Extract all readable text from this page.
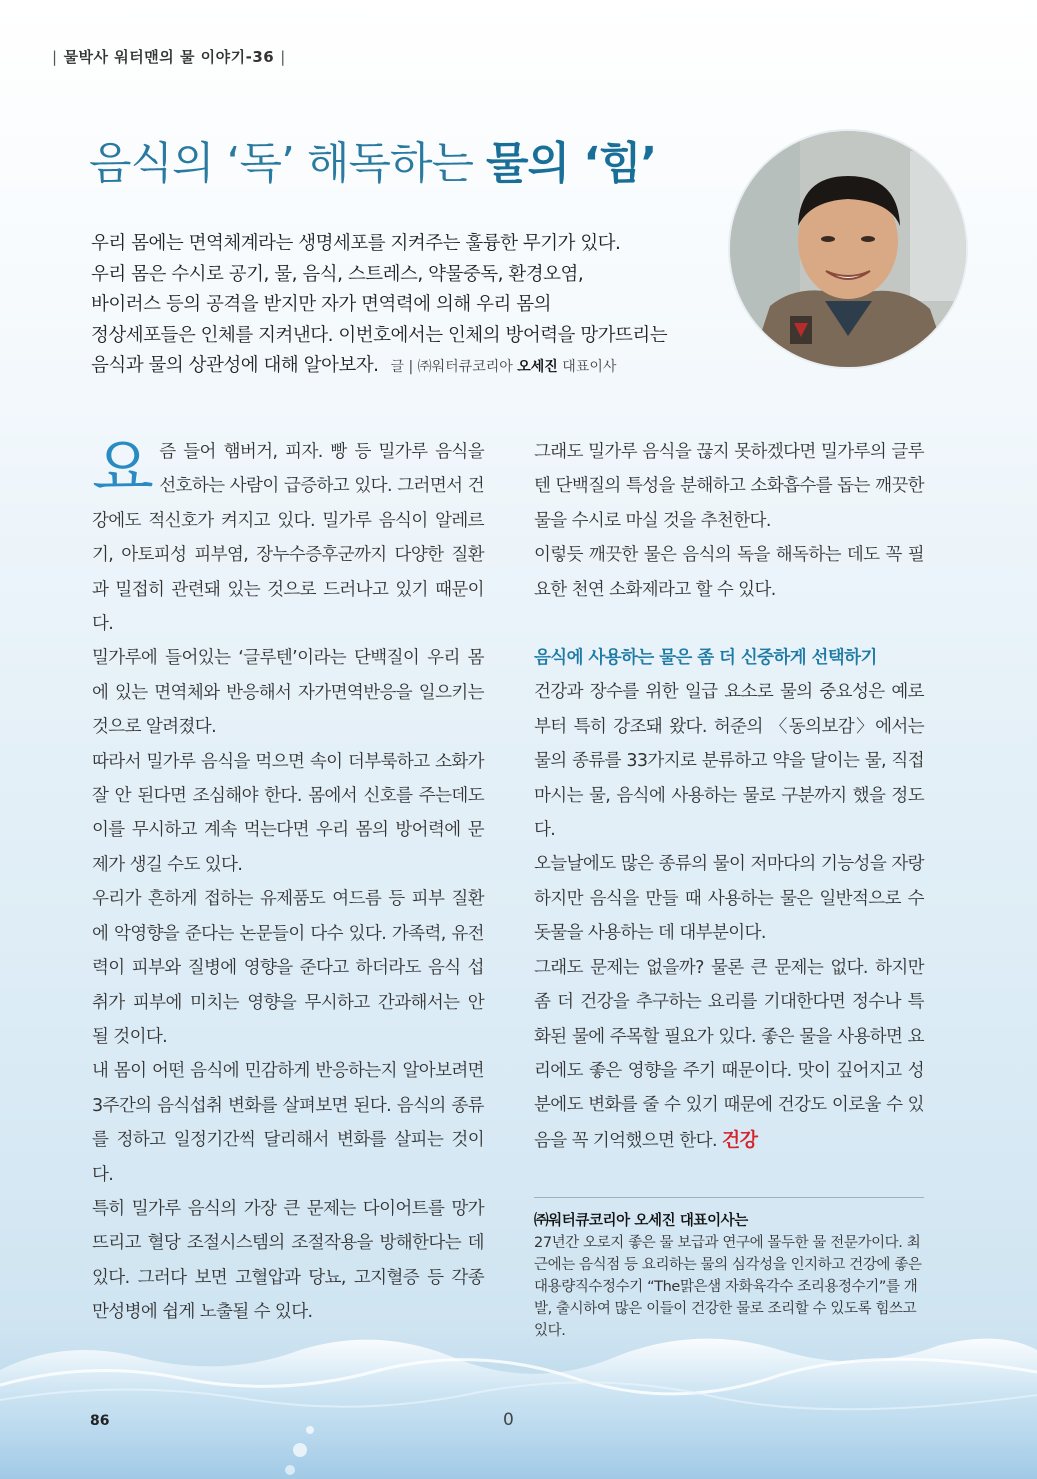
| 물박사 워터맨의 물 이야기-36 |
음식의 ‘독’ 해독하는 물의 ‘힘’

우리 몸에는 면역체계라는 생명세포를 지켜주는 훌륭한 무기가 있다.

우리 몸은 수시로 공기, 물, 음식, 스트레스, 약물중독, 환경오염,

바이러스 등의 공격을 받지만 자가 면역력에 의해 우리 몸의

정상세포들은 인체를 지켜낸다. 이번호에서는 인체의 방어력을 망가뜨리는

음식과 물의 상관성에 대해 알아보자. 글 | ㈜워터큐코리아 오세진 대표이사

요즘 들어 햄버거, 피자. 빵 등 밀가루 음식을 선호하는 사람이 급증하고 있다. 그러면서 건강에도 적신호가 켜지고 있다. 밀가루 음식이 알레르기, 아토피성 피부염, 장누수증후군까지 다양한 질환과 밀접히 관련돼 있는 것으로 드러나고 있기 때문이다.

밀가루에 들어있는 ‘글루텐’이라는 단백질이 우리 몸에 있는 면역체와 반응해서 자가면역반응을 일으키는 것으로 알려졌다.

따라서 밀가루 음식을 먹으면 속이 더부룩하고 소화가 잘 안 된다면 조심해야 한다. 몸에서 신호를 주는데도 이를 무시하고 계속 먹는다면 우리 몸의 방어력에 문제가 생길 수도 있다.

우리가 흔하게 접하는 유제품도 여드름 등 피부 질환에 악영향을 준다는 논문들이 다수 있다. 가족력, 유전력이 피부와 질병에 영향을 준다고 하더라도 음식 섭취가 피부에 미치는 영향을 무시하고 간과해서는 안 될 것이다.

내 몸이 어떤 음식에 민감하게 반응하는지 알아보려면 3주간의 음식섭취 변화를 살펴보면 된다. 음식의 종류를 정하고 일정기간씩 달리해서 변화를 살피는 것이다.

특히 밀가루 음식의 가장 큰 문제는 다이어트를 망가뜨리고 혈당 조절시스템의 조절작용을 방해한다는 데 있다. 그러다 보면 고혈압과 당뇨, 고지혈증 등 각종 만성병에 쉽게 노출될 수 있다.

그래도 밀가루 음식을 끊지 못하겠다면 밀가루의 글루텐 단백질의 특성을 분해하고 소화흡수를 돕는 깨끗한 물을 수시로 마실 것을 추천한다.

이렇듯 깨끗한 물은 음식의 독을 해독하는 데도 꼭 필요한 천연 소화제라고 할 수 있다.

음식에 사용하는 물은 좀 더 신중하게 선택하기

건강과 장수를 위한 일급 요소로 물의 중요성은 예로부터 특히 강조돼 왔다. 허준의 〈동의보감〉에서는 물의 종류를 33가지로 분류하고 약을 달이는 물, 직접 마시는 물, 음식에 사용하는 물로 구분까지 했을 정도다.

오늘날에도 많은 종류의 물이 저마다의 기능성을 자랑하지만 음식을 만들 때 사용하는 물은 일반적으로 수돗물을 사용하는 데 대부분이다.

그래도 문제는 없을까? 물론 큰 문제는 없다. 하지만 좀 더 건강을 추구하는 요리를 기대한다면 정수나 특화된 물에 주목할 필요가 있다. 좋은 물을 사용하면 요리에도 좋은 영향을 주기 때문이다. 맛이 깊어지고 성분에도 변화를 줄 수 있기 때문에 건강도 이로울 수 있음을 꼭 기억했으면 한다. 건강

㈜워터큐코리아 오세진 대표이사는

27년간 오로지 좋은 물 보급과 연구에 몰두한 물 전문가이다. 최근에는 음식점 등 요리하는 물의 심각성을 인지하고 건강에 좋은 대용량직수정수기 “The맑은샘 자화육각수 조리용정수기”를 개발, 출시하여 많은 이들이 건강한 물로 조리할 수 있도록 힘쓰고 있다.

86	0
